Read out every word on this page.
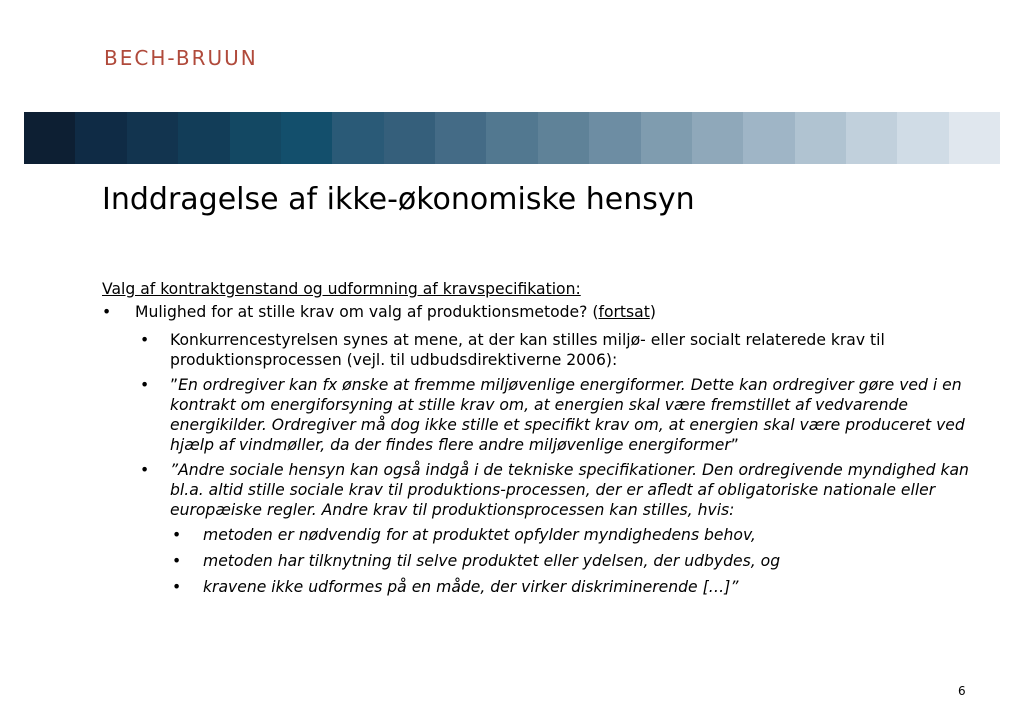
BECH-BRUUN
Inddragelse af ikke-økonomiske hensyn
Valg af kontraktgenstand og udformning af kravspecifikation:
• Mulighed for at stille krav om valg af produktionsmetode? (fortsat)
• Konkurrencestyrelsen synes at mene, at der kan stilles miljø- eller socialt relaterede krav til produktionsprocessen (vejl. til udbudsdirektiverne 2006):
• ”En ordregiver kan fx ønske at fremme miljøvenlige energiformer. Dette kan ordregiver gøre ved i en kontrakt om energiforsyning at stille krav om, at energien skal være fremstillet af vedvarende energikilder. Ordregiver må dog ikke stille et specifikt krav om, at energien skal være produceret ved hjælp af vindmøller, da der findes flere andre miljøvenlige energiformer”
• ”Andre sociale hensyn kan også indgå i de tekniske specifikationer. Den ordregivende myndighed kan bl.a. altid stille sociale krav til produktions-processen, der er afledt af obligatoriske nationale eller europæiske regler. Andre krav til produktionsprocessen kan stilles, hvis:
• metoden er nødvendig for at produktet opfylder myndighedens behov,
• metoden har tilknytning til selve produktet eller ydelsen, der udbydes, og
• kravene ikke udformes på en måde, der virker diskriminerende […]”
6
